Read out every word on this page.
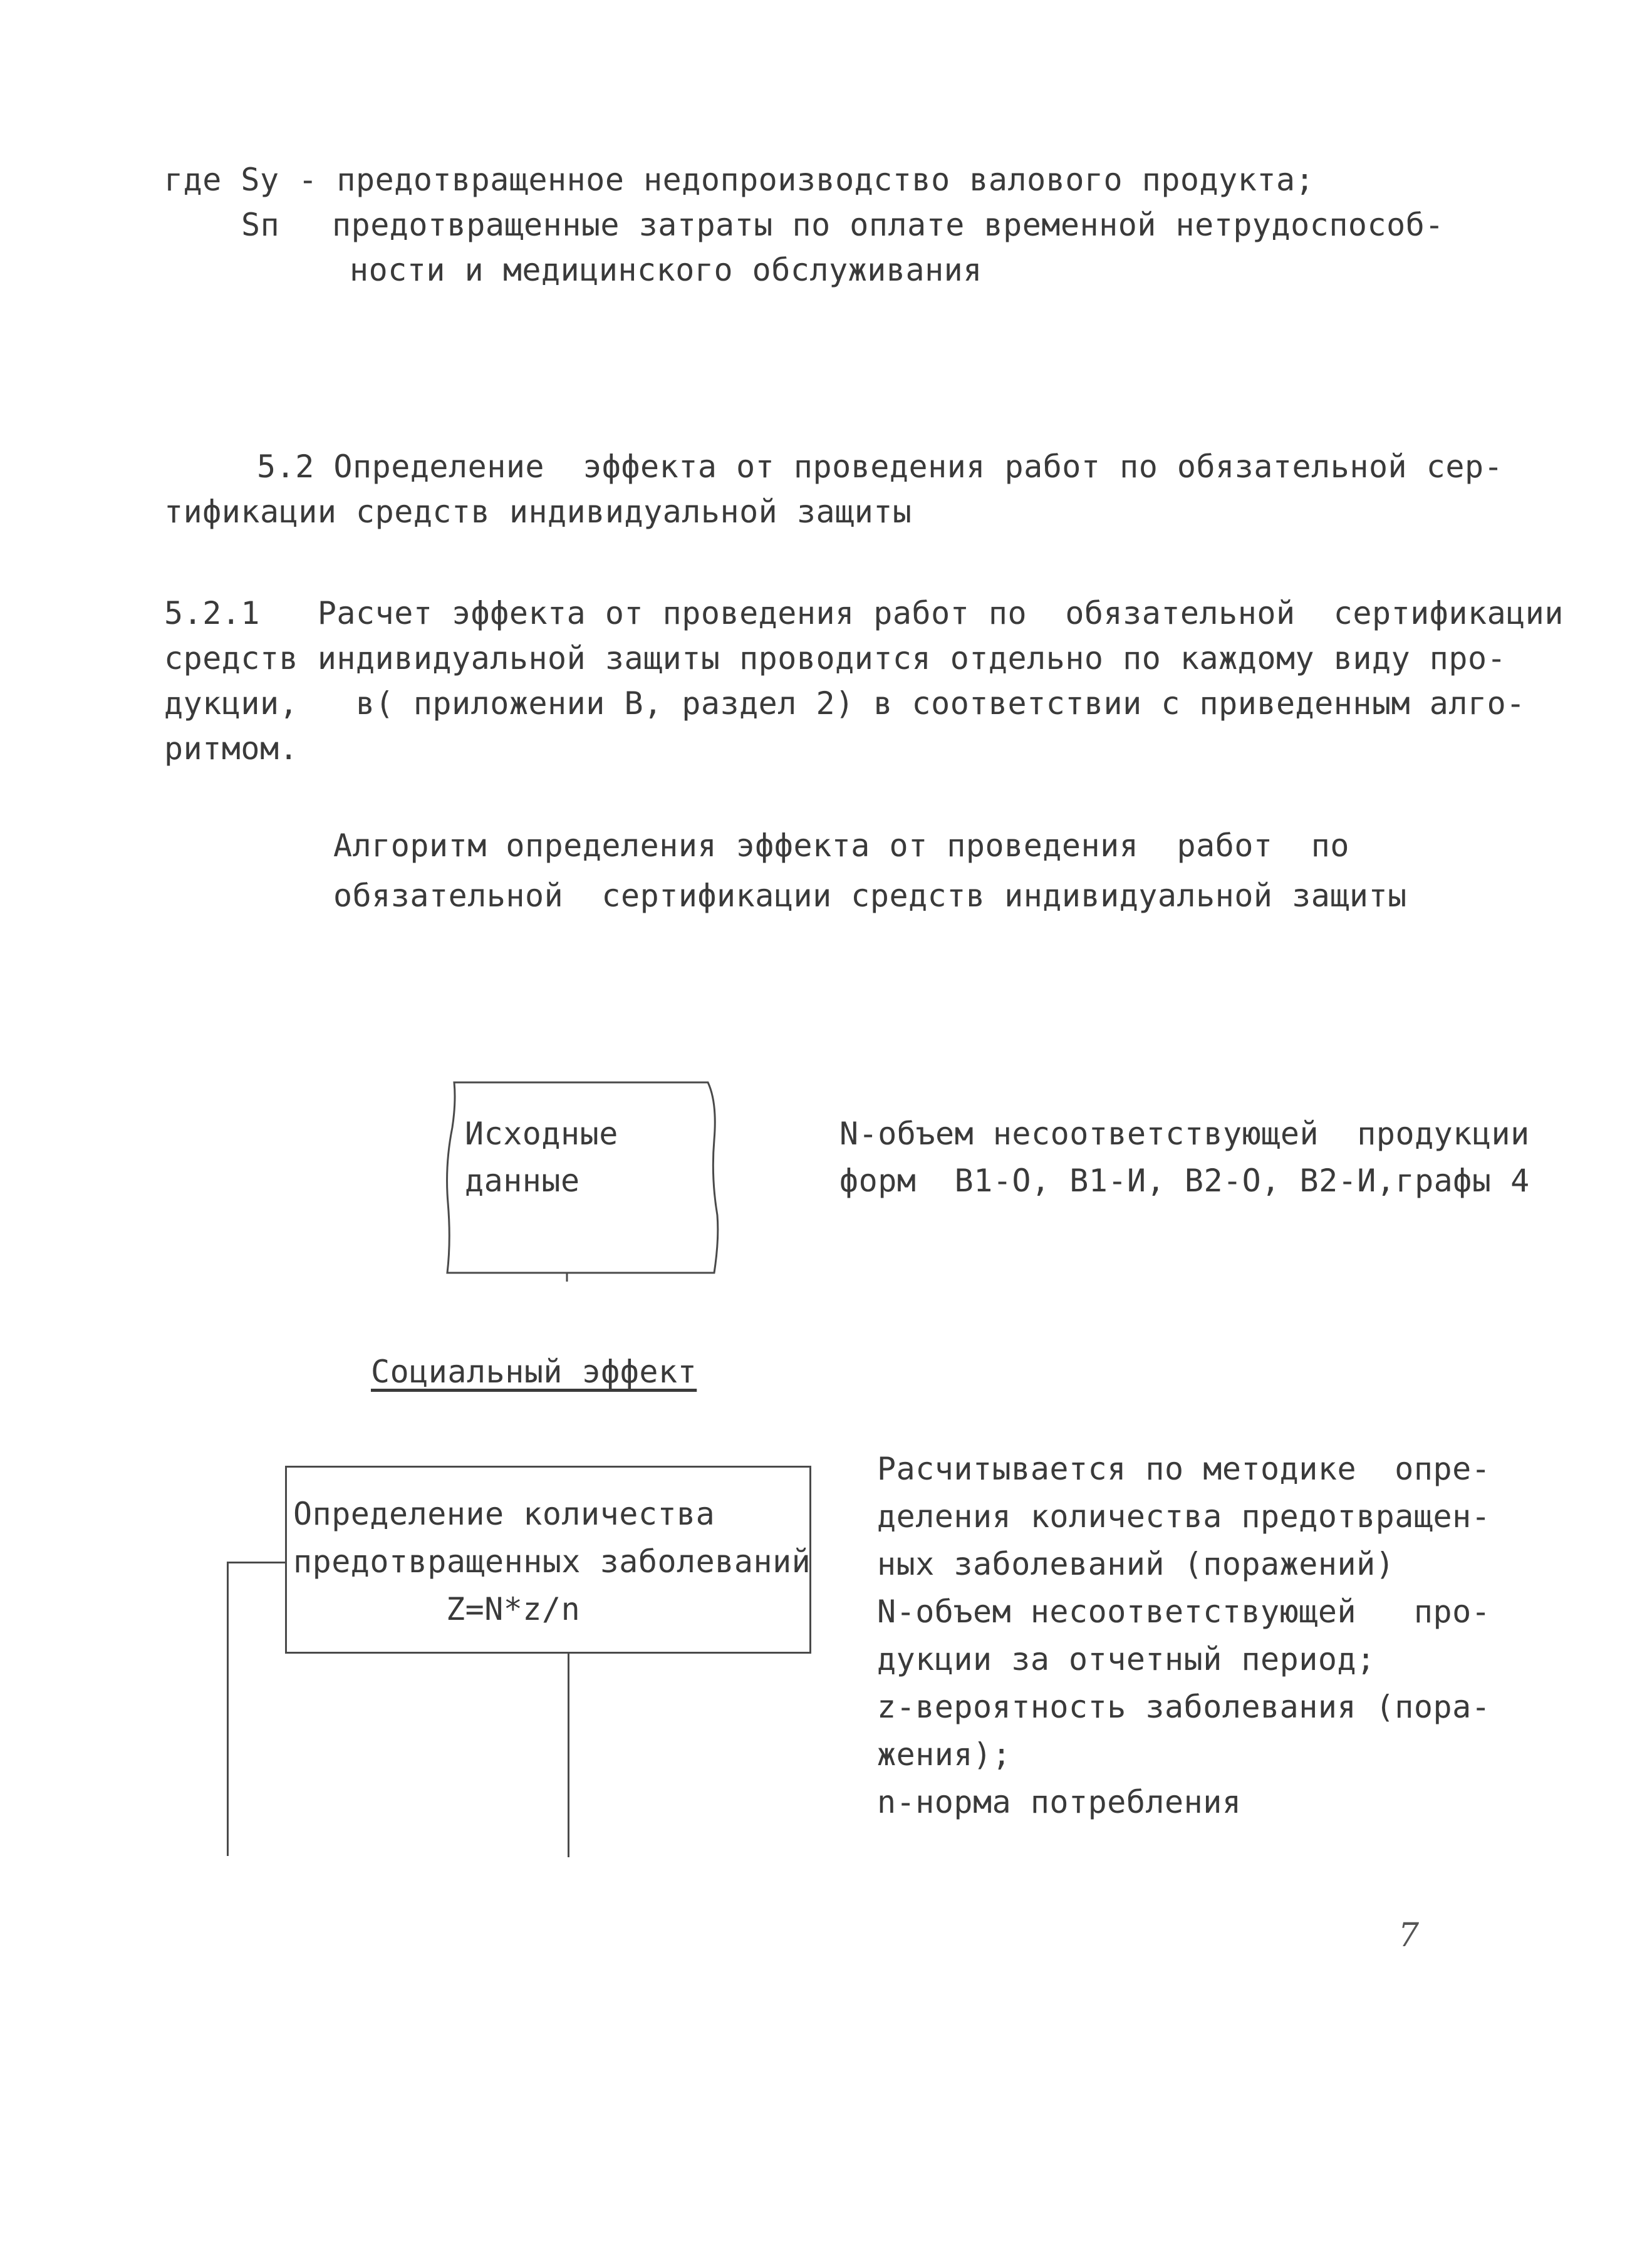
где Sу - предотвращенное недопроизводство валового продукта;
Sп предотвращенные затраты по оплате временной нетрудоспособ-
ности и медицинского обслуживания
5.2 Определение  эффекта от проведения работ по обязательной сер-
тификации средств индивидуальной защиты
5.2.1   Расчет эффекта от проведения работ по  обязательной  сертификации
средств индивидуальной защиты проводится отдельно по каждому виду про-
дукции,   в( приложении В, раздел 2) в соответствии с приведенным алго-
ритмом.
Алгоритм определения эффекта от проведения  работ  по
обязательной  сертификации средств индивидуальной защиты
Исходные
данные
N-объем несоответствующей  продукции
форм  В1-О, В1-И, В2-О, В2-И,графы 4
Социальный эффект
Определение количества
предотвращенных заболеваний
Z=N*z/n
Расчитывается по методике  опре-
деления количества предотвращен-
ных заболеваний (поражений)
N-объем несоответствующей   про-
дукции за отчетный период;
z-вероятность заболевания (пора-
жения);
n-норма потребления
7
